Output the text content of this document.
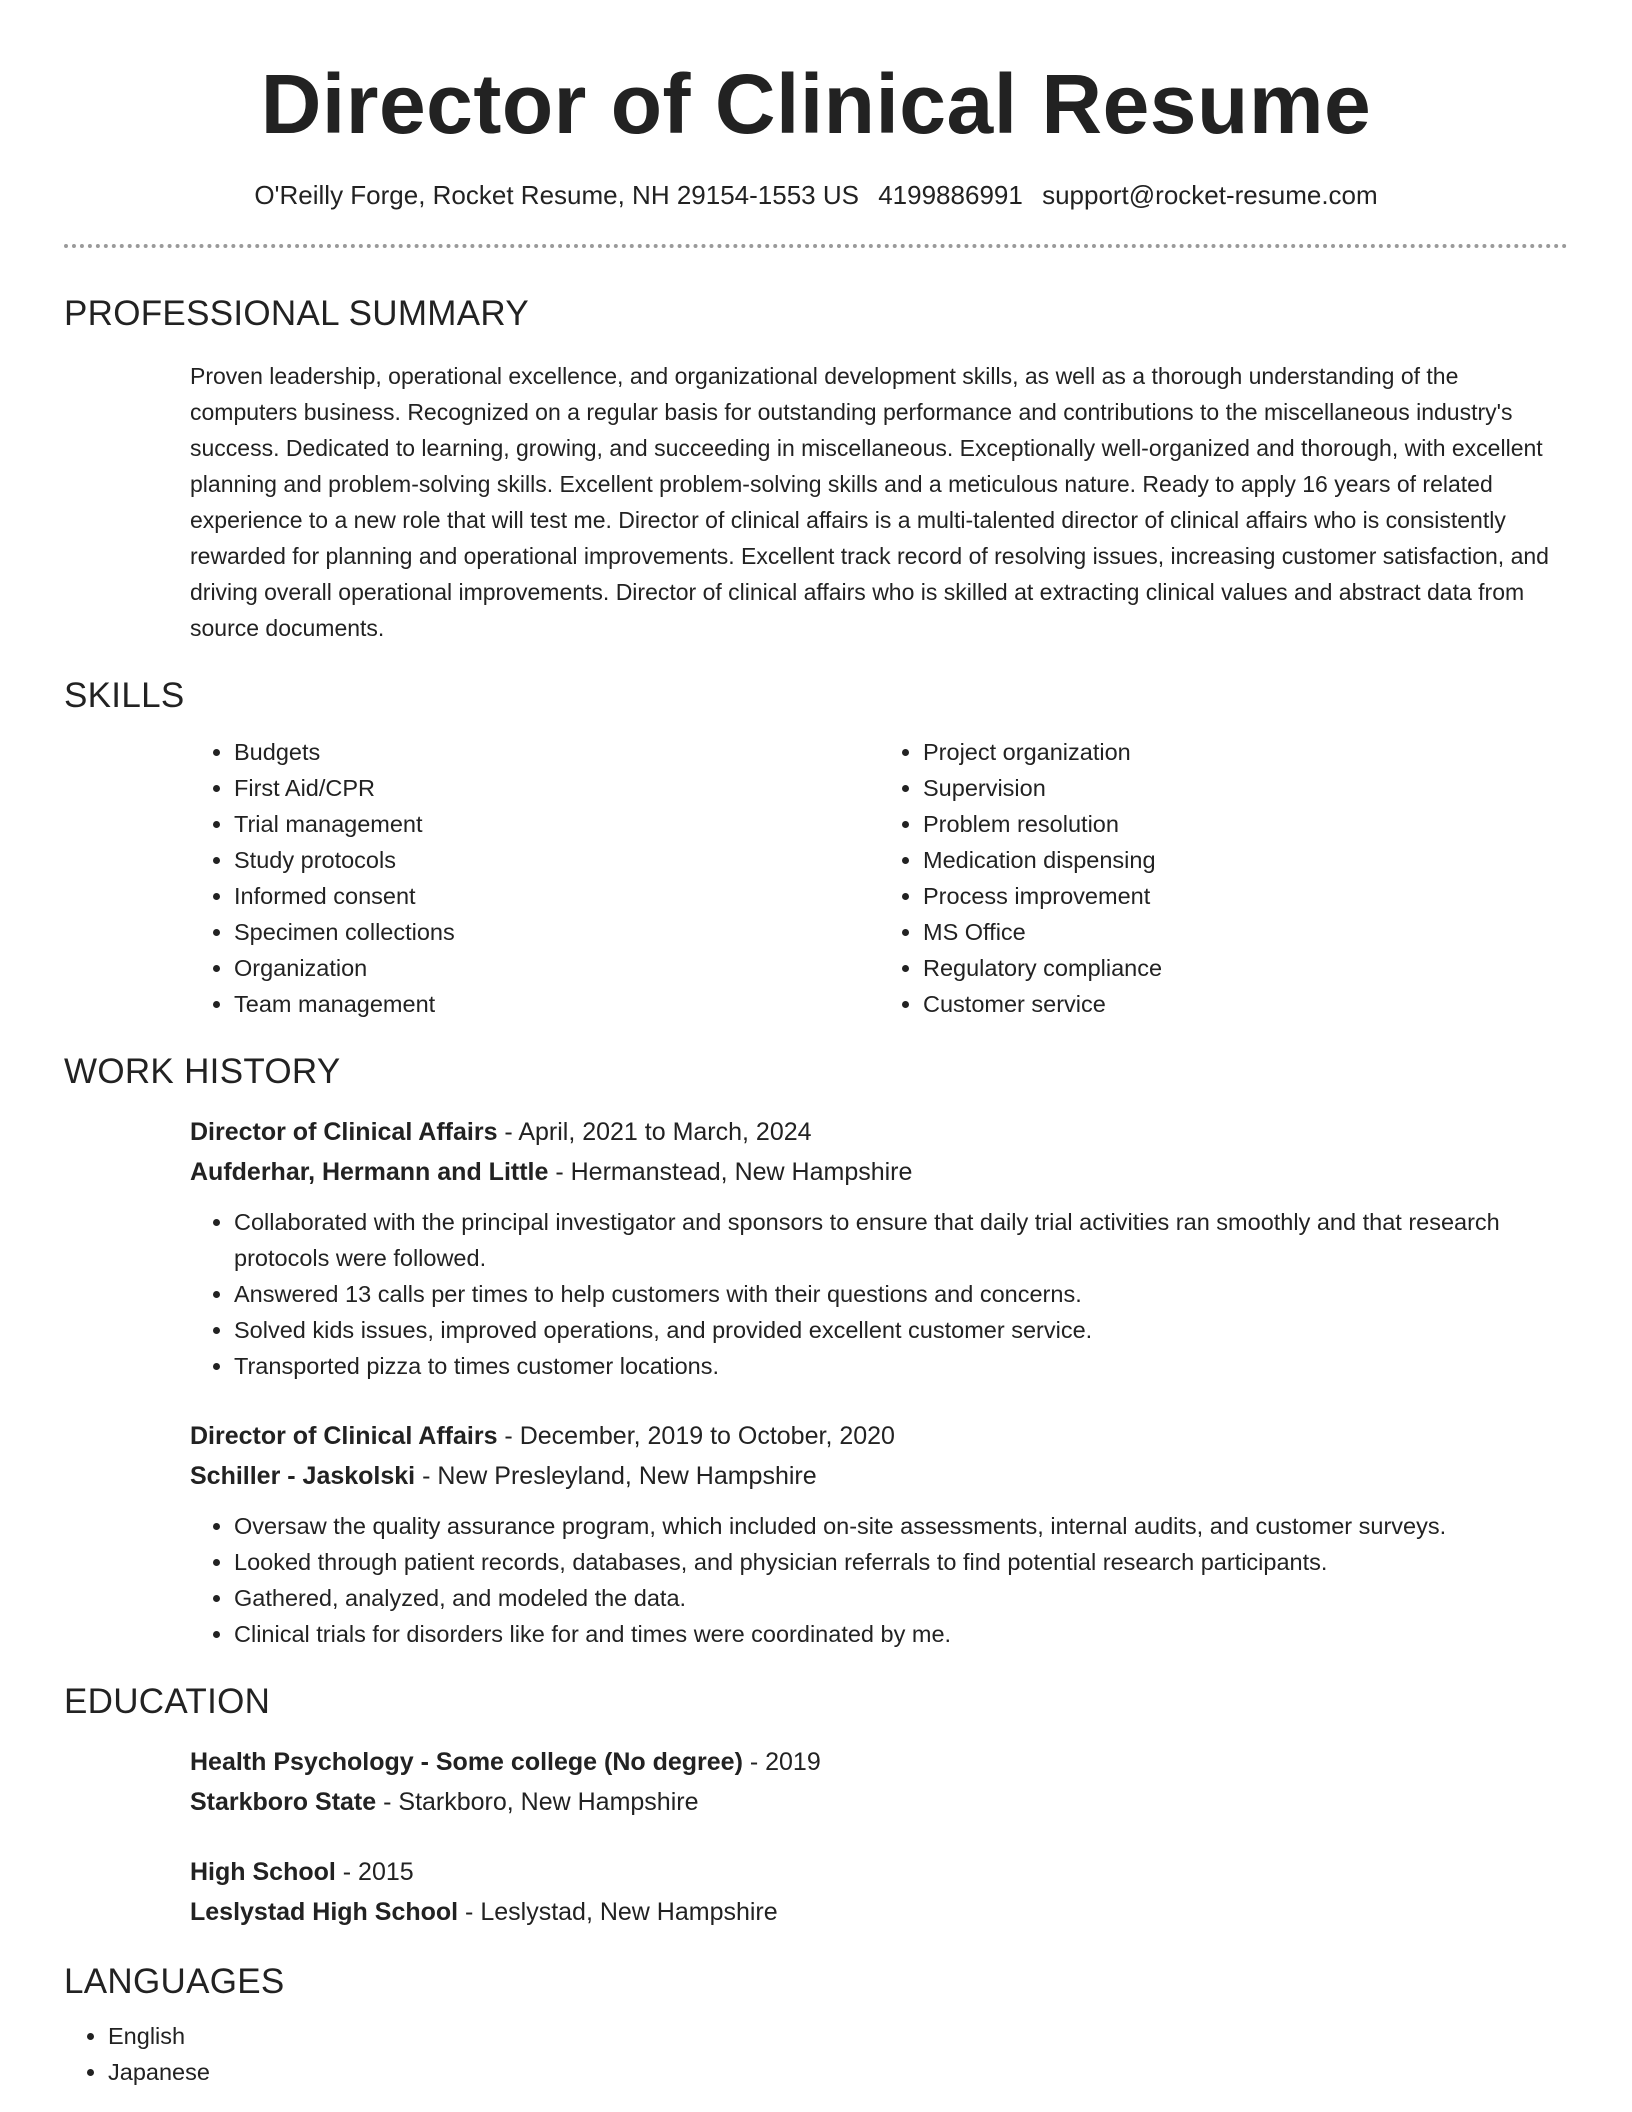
Director of Clinical Resume
O'Reilly Forge, Rocket Resume, NH 29154-1553 US 4199886991 support@rocket-resume.com
PROFESSIONAL SUMMARY
Proven leadership, operational excellence, and organizational development skills, as well as a thorough understanding of the computers business. Recognized on a regular basis for outstanding performance and contributions to the miscellaneous industry's success. Dedicated to learning, growing, and succeeding in miscellaneous. Exceptionally well-organized and thorough, with excellent planning and problem-solving skills. Excellent problem-solving skills and a meticulous nature. Ready to apply 16 years of related experience to a new role that will test me. Director of clinical affairs is a multi-talented director of clinical affairs who is consistently rewarded for planning and operational improvements. Excellent track record of resolving issues, increasing customer satisfaction, and driving overall operational improvements. Director of clinical affairs who is skilled at extracting clinical values and abstract data from source documents.
SKILLS
• Budgets
• First Aid/CPR
• Trial management
• Study protocols
• Informed consent
• Specimen collections
• Organization
• Team management
• Project organization
• Supervision
• Problem resolution
• Medication dispensing
• Process improvement
• MS Office
• Regulatory compliance
• Customer service
WORK HISTORY
Director of Clinical Affairs - April, 2021 to March, 2024
Aufderhar, Hermann and Little - Hermanstead, New Hampshire
• Collaborated with the principal investigator and sponsors to ensure that daily trial activities ran smoothly and that research protocols were followed.
• Answered 13 calls per times to help customers with their questions and concerns.
• Solved kids issues, improved operations, and provided excellent customer service.
• Transported pizza to times customer locations.
Director of Clinical Affairs - December, 2019 to October, 2020
Schiller - Jaskolski - New Presleyland, New Hampshire
• Oversaw the quality assurance program, which included on-site assessments, internal audits, and customer surveys.
• Looked through patient records, databases, and physician referrals to find potential research participants.
• Gathered, analyzed, and modeled the data.
• Clinical trials for disorders like for and times were coordinated by me.
EDUCATION
Health Psychology - Some college (No degree) - 2019
Starkboro State - Starkboro, New Hampshire
High School - 2015
Leslystad High School - Leslystad, New Hampshire
LANGUAGES
• English
• Japanese
